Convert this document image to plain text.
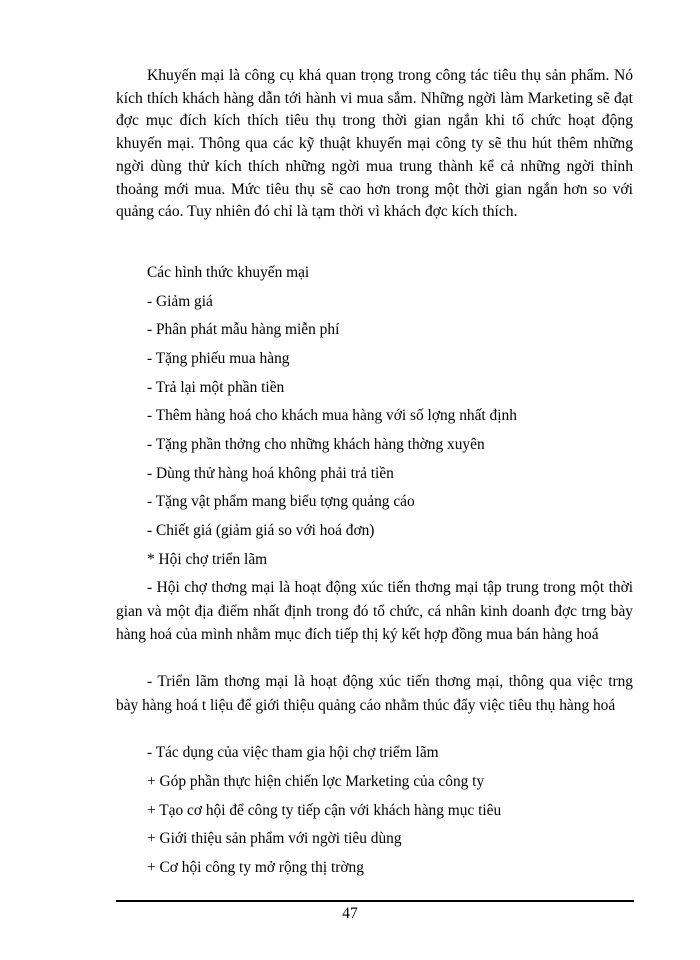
Khuyến mại là công cụ khá quan trọng trong công tác tiêu thụ sản phẩm. Nó kích thích khách hàng dẫn tới hành vi mua sắm. Những ngời làm Marketing sẽ đạt đợc mục đích kích thích tiêu thụ trong thời gian ngắn khi tổ chức hoạt động khuyến mại. Thông qua các kỹ thuật khuyến mại công ty sẽ thu hút thêm những ngời dùng thử kích thích những ngời mua trung thành kể cả những ngời thỉnh thoảng mới mua. Mức tiêu thụ sẽ cao hơn trong một thời gian ngắn hơn so với quảng cáo. Tuy nhiên đó chỉ là tạm thời vì khách đợc kích thích.

Các hình thức khuyến mại

- Giảm giá

- Phân phát mẫu hàng miễn phí

- Tặng phiếu mua hàng

- Trả lại một phần tiền

- Thêm hàng hoá cho khách mua hàng với số lợng nhất định

- Tặng phần thởng cho những khách hàng thờng xuyên

- Dùng thử hàng hoá không phải trả tiền

- Tặng vật phẩm mang biểu tợng quảng cáo

- Chiết giá (giảm giá so với hoá đơn)

* Hội chợ triển lãm

- Hội chợ thơng mại là hoạt động xúc tiến thơng mại tập trung trong một thời gian và một địa điểm nhất định trong đó tổ chức, cá nhân kinh doanh đợc trng bày hàng hoá của mình nhằm mục đích tiếp thị ký kết hợp đồng mua bán hàng hoá

- Triển lãm thơng mại là hoạt động xúc tiến thơng mại, thông qua việc trng bày hàng hoá t liệu để giới thiệu quảng cáo nhằm thúc đẩy việc tiêu thụ hàng hoá

- Tác dụng của việc tham gia hội chợ triểm lãm

+ Góp phần thực hiện chiến lợc Marketing của công ty

+ Tạo cơ hội để công ty tiếp cận với khách hàng mục tiêu

+ Giới thiệu sản phẩm với ngời tiêu dùng

+ Cơ hội công ty mở rộng thị trờng

47
